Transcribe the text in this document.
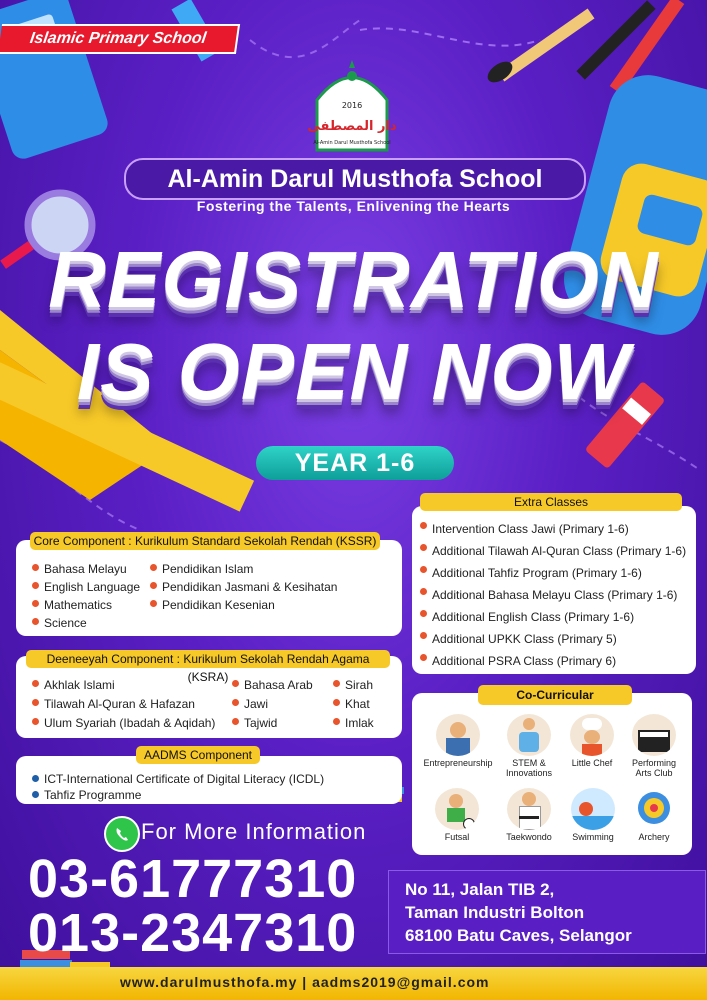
Islamic Primary School
2016
دار المصطفى
Al-Amin Darul Musthofa School
Al-Amin Darul Musthofa School
Fostering the Talents, Enlivening the Hearts
REGISTRATION
IS OPEN NOW
YEAR 1-6
Core Component : Kurikulum Standard Sekolah Rendah (KSSR)
Bahasa Melayu
English Language
Mathematics
Science
Pendidikan Islam
Pendidikan Jasmani & Kesihatan
Pendidikan Kesenian
Deeneeyah Component : Kurikulum Sekolah Rendah Agama (KSRA)
Akhlak Islami
Tilawah Al-Quran & Hafazan
Ulum Syariah (Ibadah & Aqidah)
Bahasa Arab
Jawi
Tajwid
Sirah
Khat
Imlak
AADMS Component
ICT-International Certificate of Digital Literacy (ICDL)
Tahfiz Programme
Extra Classes
Intervention Class Jawi (Primary 1-6)
Additional Tilawah Al-Quran Class (Primary 1-6)
Additional Tahfiz Program (Primary 1-6)
Additional Bahasa Melayu Class (Primary 1-6)
Additional English Class (Primary 1-6)
Additional UPKK Class (Primary 5)
Additional PSRA Class (Primary 6)
Co-Curricular
Entrepreneurship	STEM & Innovations
Little Chef	Performing Arts Club
Futsal	Taekwondo	Swimming	Archery
For More Information
03-61777310
013-2347310
No 11, Jalan TIB 2,
Taman Industri Bolton
68100 Batu Caves, Selangor
www.darulmusthofa.my | aadms2019@gmail.com
